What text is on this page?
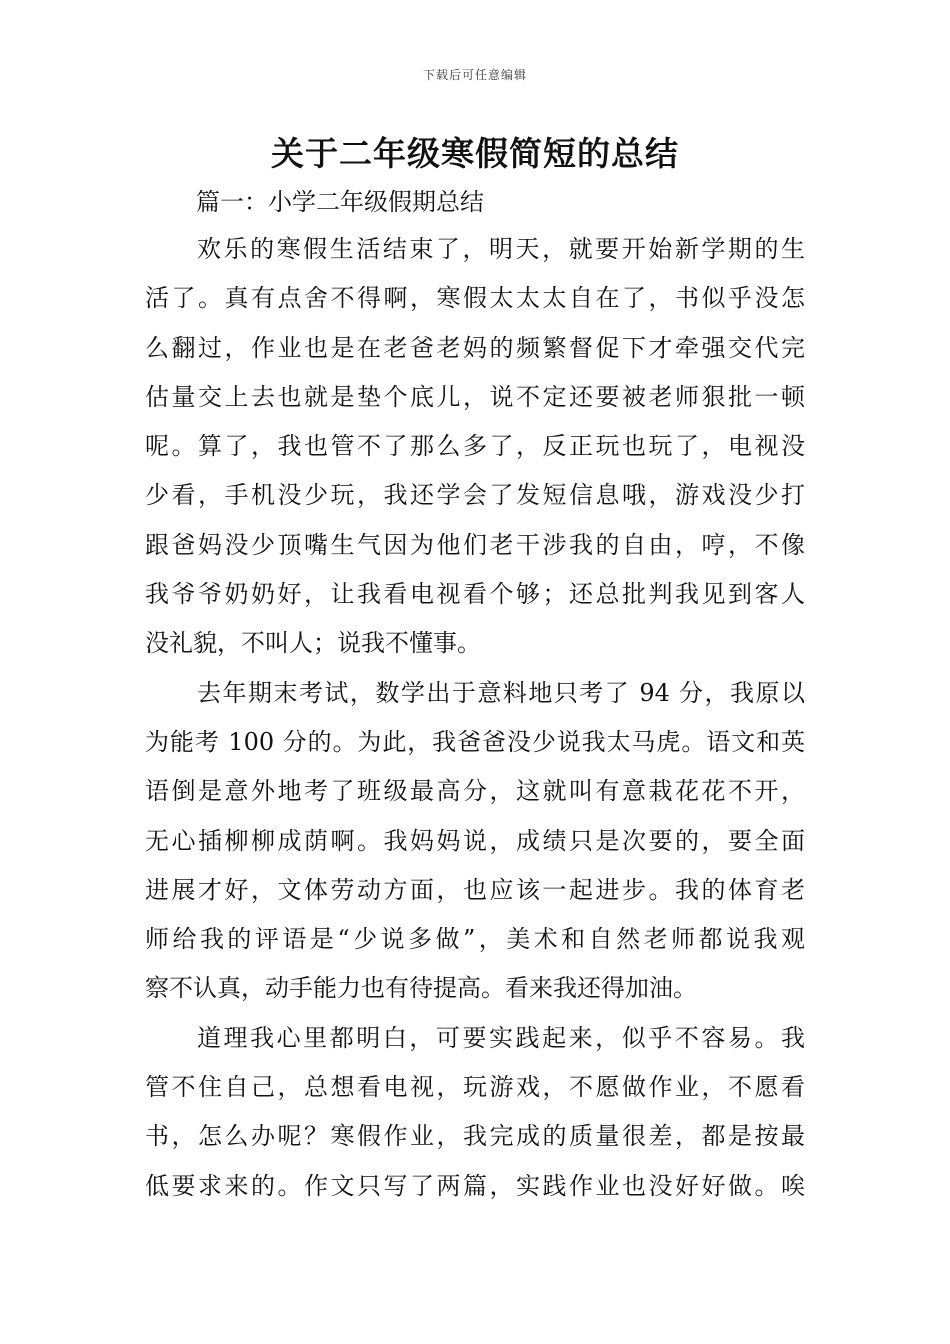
下载后可任意编辑
关于二年级寒假简短的总结
篇一：小学二年级假期总结
欢乐的寒假生活结束了，明天，就要开始新学期的生
活了。真有点舍不得啊，寒假太太太自在了，书似乎没怎
么翻过，作业也是在老爸老妈的频繁督促下才牵强交代完
估量交上去也就是垫个底儿，说不定还要被老师狠批一顿
呢。算了，我也管不了那么多了，反正玩也玩了，电视没
少看，手机没少玩，我还学会了发短信息哦，游戏没少打
跟爸妈没少顶嘴生气因为他们老干涉我的自由，哼，不像
我爷爷奶奶好，让我看电视看个够；还总批判我见到客人
没礼貌，不叫人；说我不懂事。
去年期末考试，数学出于意料地只考了 94 分，我原以
为能考 100 分的。为此，我爸爸没少说我太马虎。语文和英
语倒是意外地考了班级最高分，这就叫有意栽花花不开，
无心插柳柳成荫啊。我妈妈说，成绩只是次要的，要全面
进展才好，文体劳动方面，也应该一起进步。我的体育老
师给我的评语是“少说多做”，美术和自然老师都说我观
察不认真，动手能力也有待提高。看来我还得加油。
道理我心里都明白，可要实践起来，似乎不容易。我
管不住自己，总想看电视，玩游戏，不愿做作业，不愿看
书，怎么办呢？寒假作业，我完成的质量很差，都是按最
低要求来的。作文只写了两篇，实践作业也没好好做。唉
